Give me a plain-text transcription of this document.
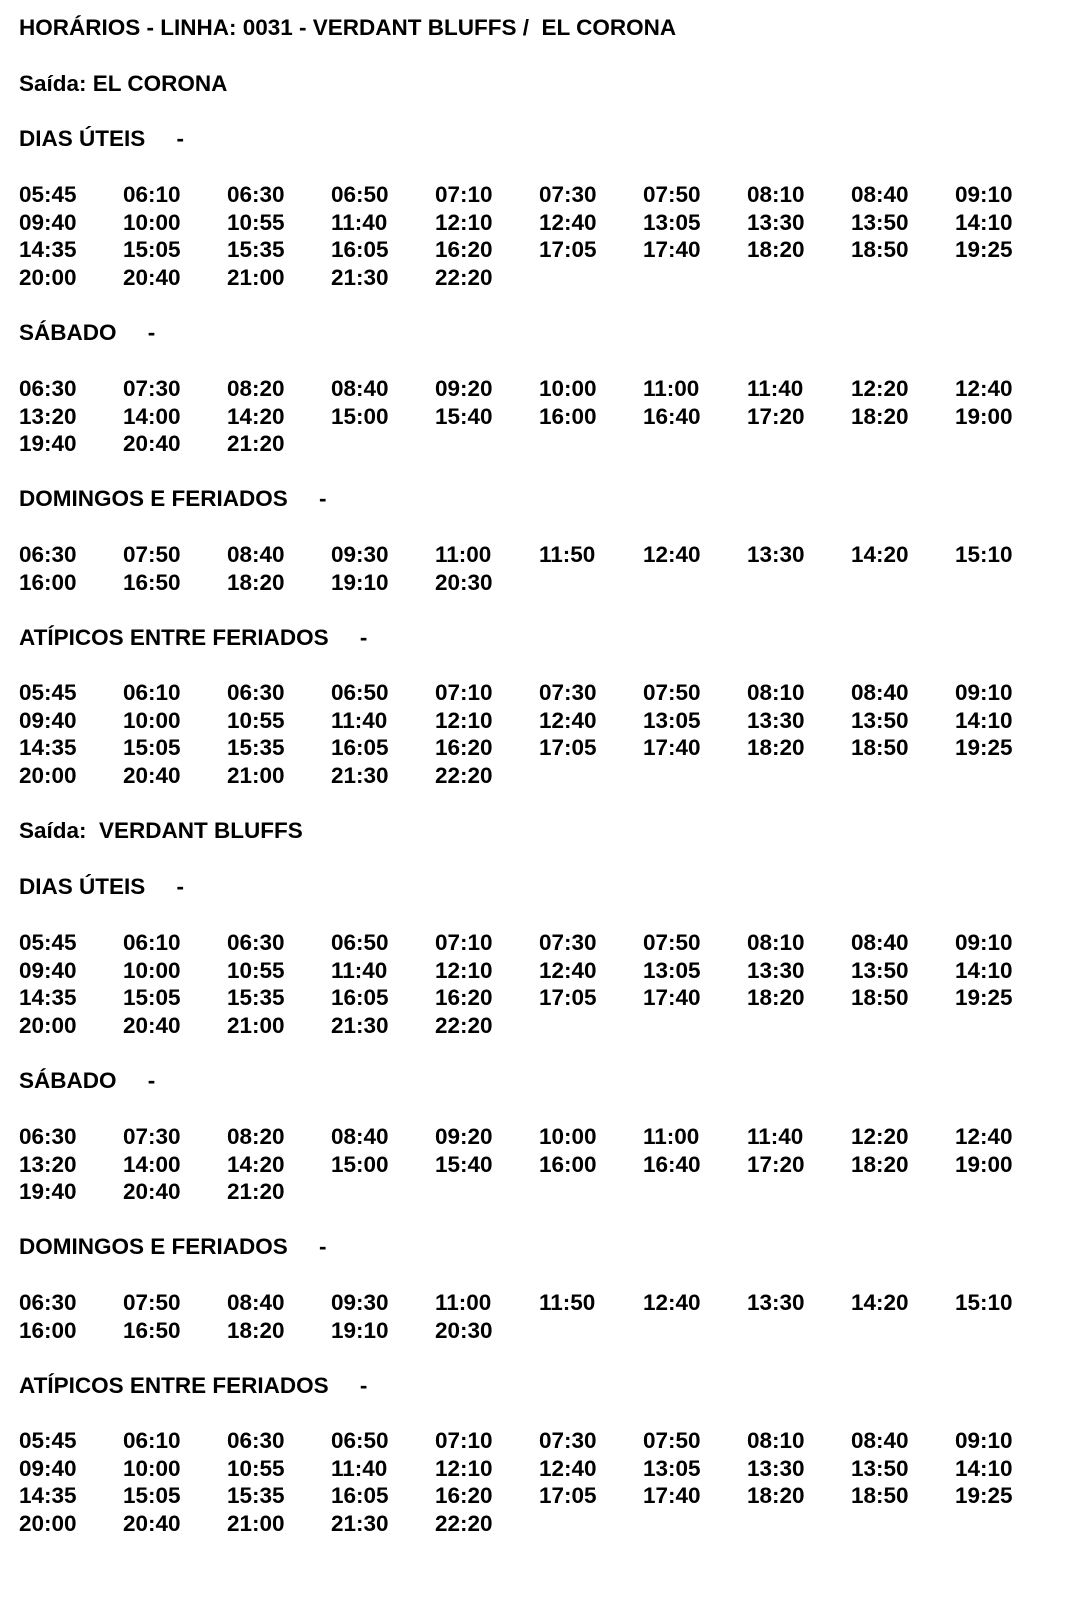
HORÁRIOS - LINHA: 0031 - VERDANT BLUFFS /  EL CORONA
Saída: EL CORONA
DIAS ÚTEIS     -
05:45 06:10 06:30 06:50 07:10 07:30 07:50 08:10 08:40 09:10
09:40 10:00 10:55 11:40 12:10 12:40 13:05 13:30 13:50 14:10
14:35 15:05 15:35 16:05 16:20 17:05 17:40 18:20 18:50 19:25
20:00 20:40 21:00 21:30 22:20
SÁBADO     -
06:30 07:30 08:20 08:40 09:20 10:00 11:00 11:40 12:20 12:40
13:20 14:00 14:20 15:00 15:40 16:00 16:40 17:20 18:20 19:00
19:40 20:40 21:20
DOMINGOS E FERIADOS     -
06:30 07:50 08:40 09:30 11:00 11:50 12:40 13:30 14:20 15:10
16:00 16:50 18:20 19:10 20:30
ATÍPICOS ENTRE FERIADOS     -
05:45 06:10 06:30 06:50 07:10 07:30 07:50 08:10 08:40 09:10
09:40 10:00 10:55 11:40 12:10 12:40 13:05 13:30 13:50 14:10
14:35 15:05 15:35 16:05 16:20 17:05 17:40 18:20 18:50 19:25
20:00 20:40 21:00 21:30 22:20
Saída:  VERDANT BLUFFS
DIAS ÚTEIS     -
05:45 06:10 06:30 06:50 07:10 07:30 07:50 08:10 08:40 09:10
09:40 10:00 10:55 11:40 12:10 12:40 13:05 13:30 13:50 14:10
14:35 15:05 15:35 16:05 16:20 17:05 17:40 18:20 18:50 19:25
20:00 20:40 21:00 21:30 22:20
SÁBADO     -
06:30 07:30 08:20 08:40 09:20 10:00 11:00 11:40 12:20 12:40
13:20 14:00 14:20 15:00 15:40 16:00 16:40 17:20 18:20 19:00
19:40 20:40 21:20
DOMINGOS E FERIADOS     -
06:30 07:50 08:40 09:30 11:00 11:50 12:40 13:30 14:20 15:10
16:00 16:50 18:20 19:10 20:30
ATÍPICOS ENTRE FERIADOS     -
05:45 06:10 06:30 06:50 07:10 07:30 07:50 08:10 08:40 09:10
09:40 10:00 10:55 11:40 12:10 12:40 13:05 13:30 13:50 14:10
14:35 15:05 15:35 16:05 16:20 17:05 17:40 18:20 18:50 19:25
20:00 20:40 21:00 21:30 22:20
